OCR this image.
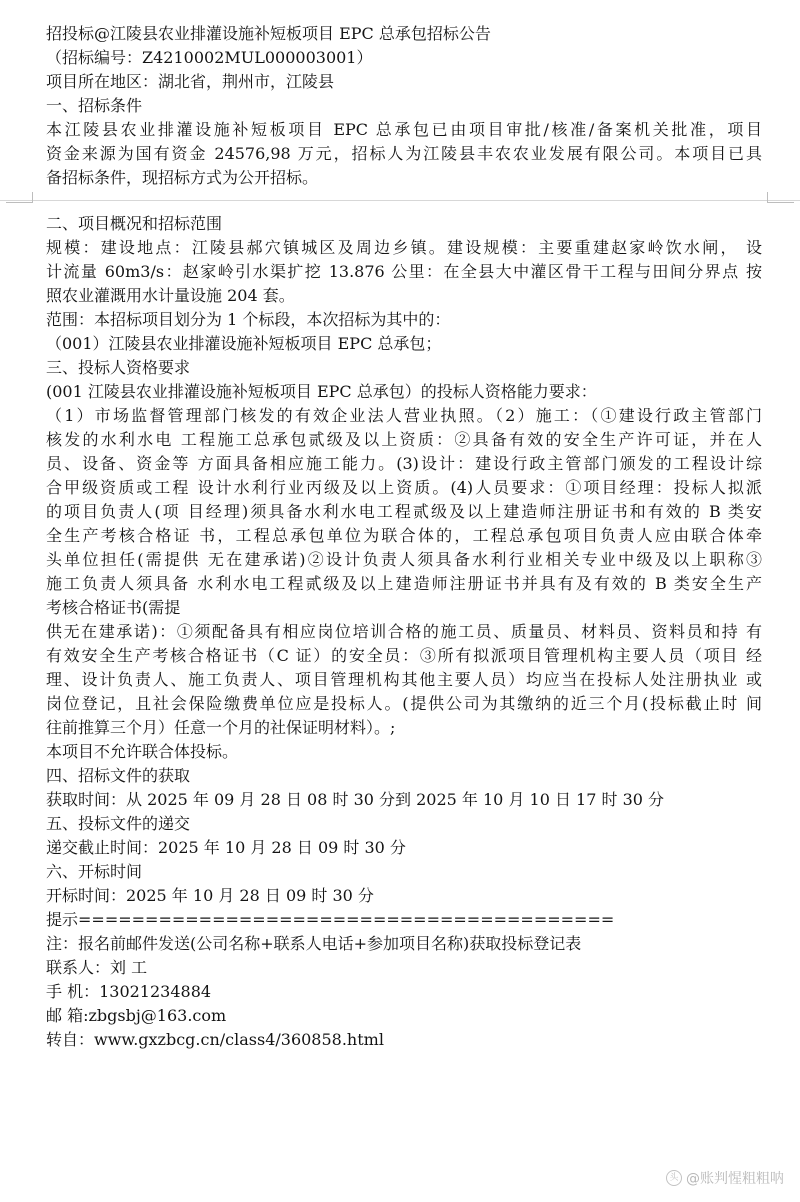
招投标@江陵县农业排灌设施补短板项目 EPC 总承包招标公告
（招标编号：Z4210002MUL000003001）
项目所在地区：湖北省，荆州市，江陵县
一、招标条件
本江陵县农业排灌设施补短板项目 EPC 总承包已由项目审批/核准/备案机关批准，项目
资金来源为国有资金 24576,98 万元，招标人为江陵县丰农农业发展有限公司。本项目已具
备招标条件，现招标方式为公开招标。
二、项目概况和招标范围
规模：建设地点：江陵县郝穴镇城区及周边乡镇。建设规模：主要重建赵家岭饮水闸， 设
计流量 60m3/s：赵家岭引水渠扩挖 13.876 公里：在全县大中灌区骨干工程与田间分界点 按
照农业灌溉用水计量设施 204 套。
范围：本招标项目划分为 1 个标段，本次招标为其中的：
（001）江陵县农业排灌设施补短板项目 EPC 总承包；
三、投标人资格要求
(001 江陵县农业排灌设施补短板项目 EPC 总承包）的投标人资格能力要求：
（1）市场监督管理部门核发的有效企业法人营业执照。（2）施工：（①建设行政主管部门
核发的水利水电 工程施工总承包贰级及以上资质：②具备有效的安全生产许可证，并在人
员、设备、资金等 方面具备相应施工能力。(3)设计：建设行政主管部门颁发的工程设计综
合甲级资质或工程 设计水利行业丙级及以上资质。(4)人员要求：①项目经理：投标人拟派
的项目负责人(项 目经理)须具备水利水电工程贰级及以上建造师注册证书和有效的 B 类安
全生产考核合格证 书，工程总承包单位为联合体的，工程总承包项目负责人应由联合体牵
头单位担任(需提供 无在建承诺)②设计负责人须具备水利行业相关专业中级及以上职称③
施工负责人须具备 水利水电工程贰级及以上建造师注册证书并具有及有效的 B 类安全生产
考核合格证书(需提
供无在建承诺)：①须配备具有相应岗位培训合格的施工员、质量员、材料员、资料员和持 有
有效安全生产考核合格证书（C 证）的安全员：③所有拟派项目管理机构主要人员（项目 经
理、设计负责人、施工负责人、项目管理机构其他主要人员）均应当在投标人处注册执业 或
岗位登记，且社会保险缴费单位应是投标人。(提供公司为其缴纳的近三个月(投标截止时 间
往前推算三个月）任意一个月的社保证明材料）。;
本项目不允许联合体投标。
四、招标文件的获取
获取时间：从 2025 年 09 月 28 日 08 时 30 分到 2025 年 10 月 10 日 17 时 30 分
五、投标文件的递交
递交截止时间：2025 年 10 月 28 日 09 时 30 分
六、开标时间
开标时间：2025 年 10 月 28 日 09 时 30 分
提示========================================
注：报名前邮件发送(公司名称+联系人电话+参加项目名称)获取投标登记表
联系人：刘 工
手 机：13021234884
邮 箱:zbgsbj@163.com
转自：www.gxzbcg.cn/class4/360858.html
头 @账判惺粗粗呐
